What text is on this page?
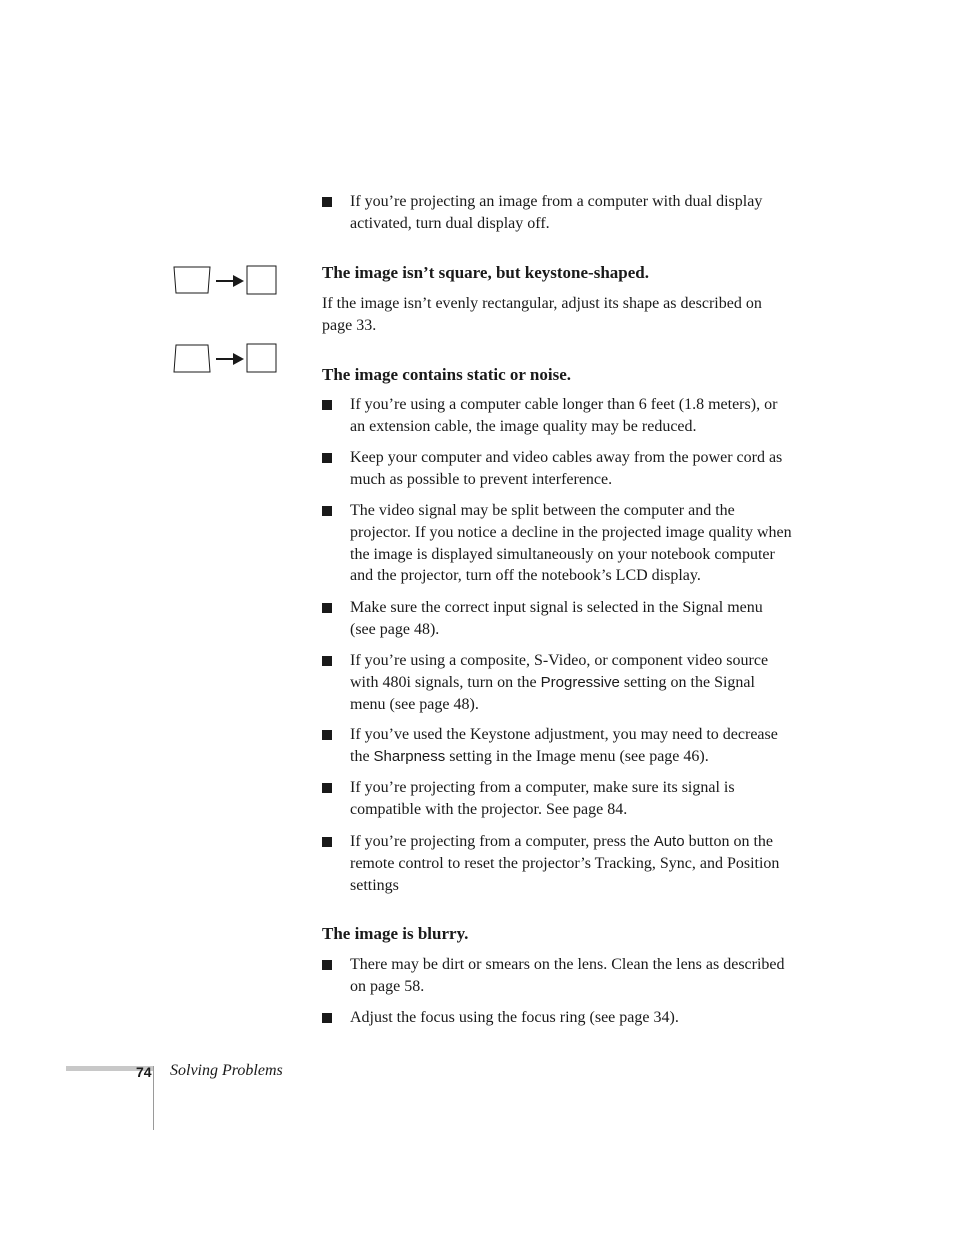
If you’re projecting an image from a computer with dual display activated, turn dual display off.
The image isn’t square, but keystone-shaped.
If the image isn’t evenly rectangular, adjust its shape as described on page 33.
The image contains static or noise.
If you’re using a computer cable longer than 6 feet (1.8 meters), or an extension cable, the image quality may be reduced.
Keep your computer and video cables away from the power cord as much as possible to prevent interference.
The video signal may be split between the computer and the projector. If you notice a decline in the projected image quality when the image is displayed simultaneously on your notebook computer and the projector, turn off the notebook’s LCD display.
Make sure the correct input signal is selected in the Signal menu (see page 48).
If you’re using a composite, S-Video, or component video source with 480i signals, turn on the Progressive setting on the Signal menu (see page 48).
If you’ve used the Keystone adjustment, you may need to decrease the Sharpness setting in the Image menu (see page 46).
If you’re projecting from a computer, make sure its signal is compatible with the projector. See page 84.
If you’re projecting from a computer, press the Auto button on the remote control to reset the projector’s Tracking, Sync, and Position settings
The image is blurry.
There may be dirt or smears on the lens. Clean the lens as described on page 58.
Adjust the focus using the focus ring (see page 34).
74 Solving Problems
